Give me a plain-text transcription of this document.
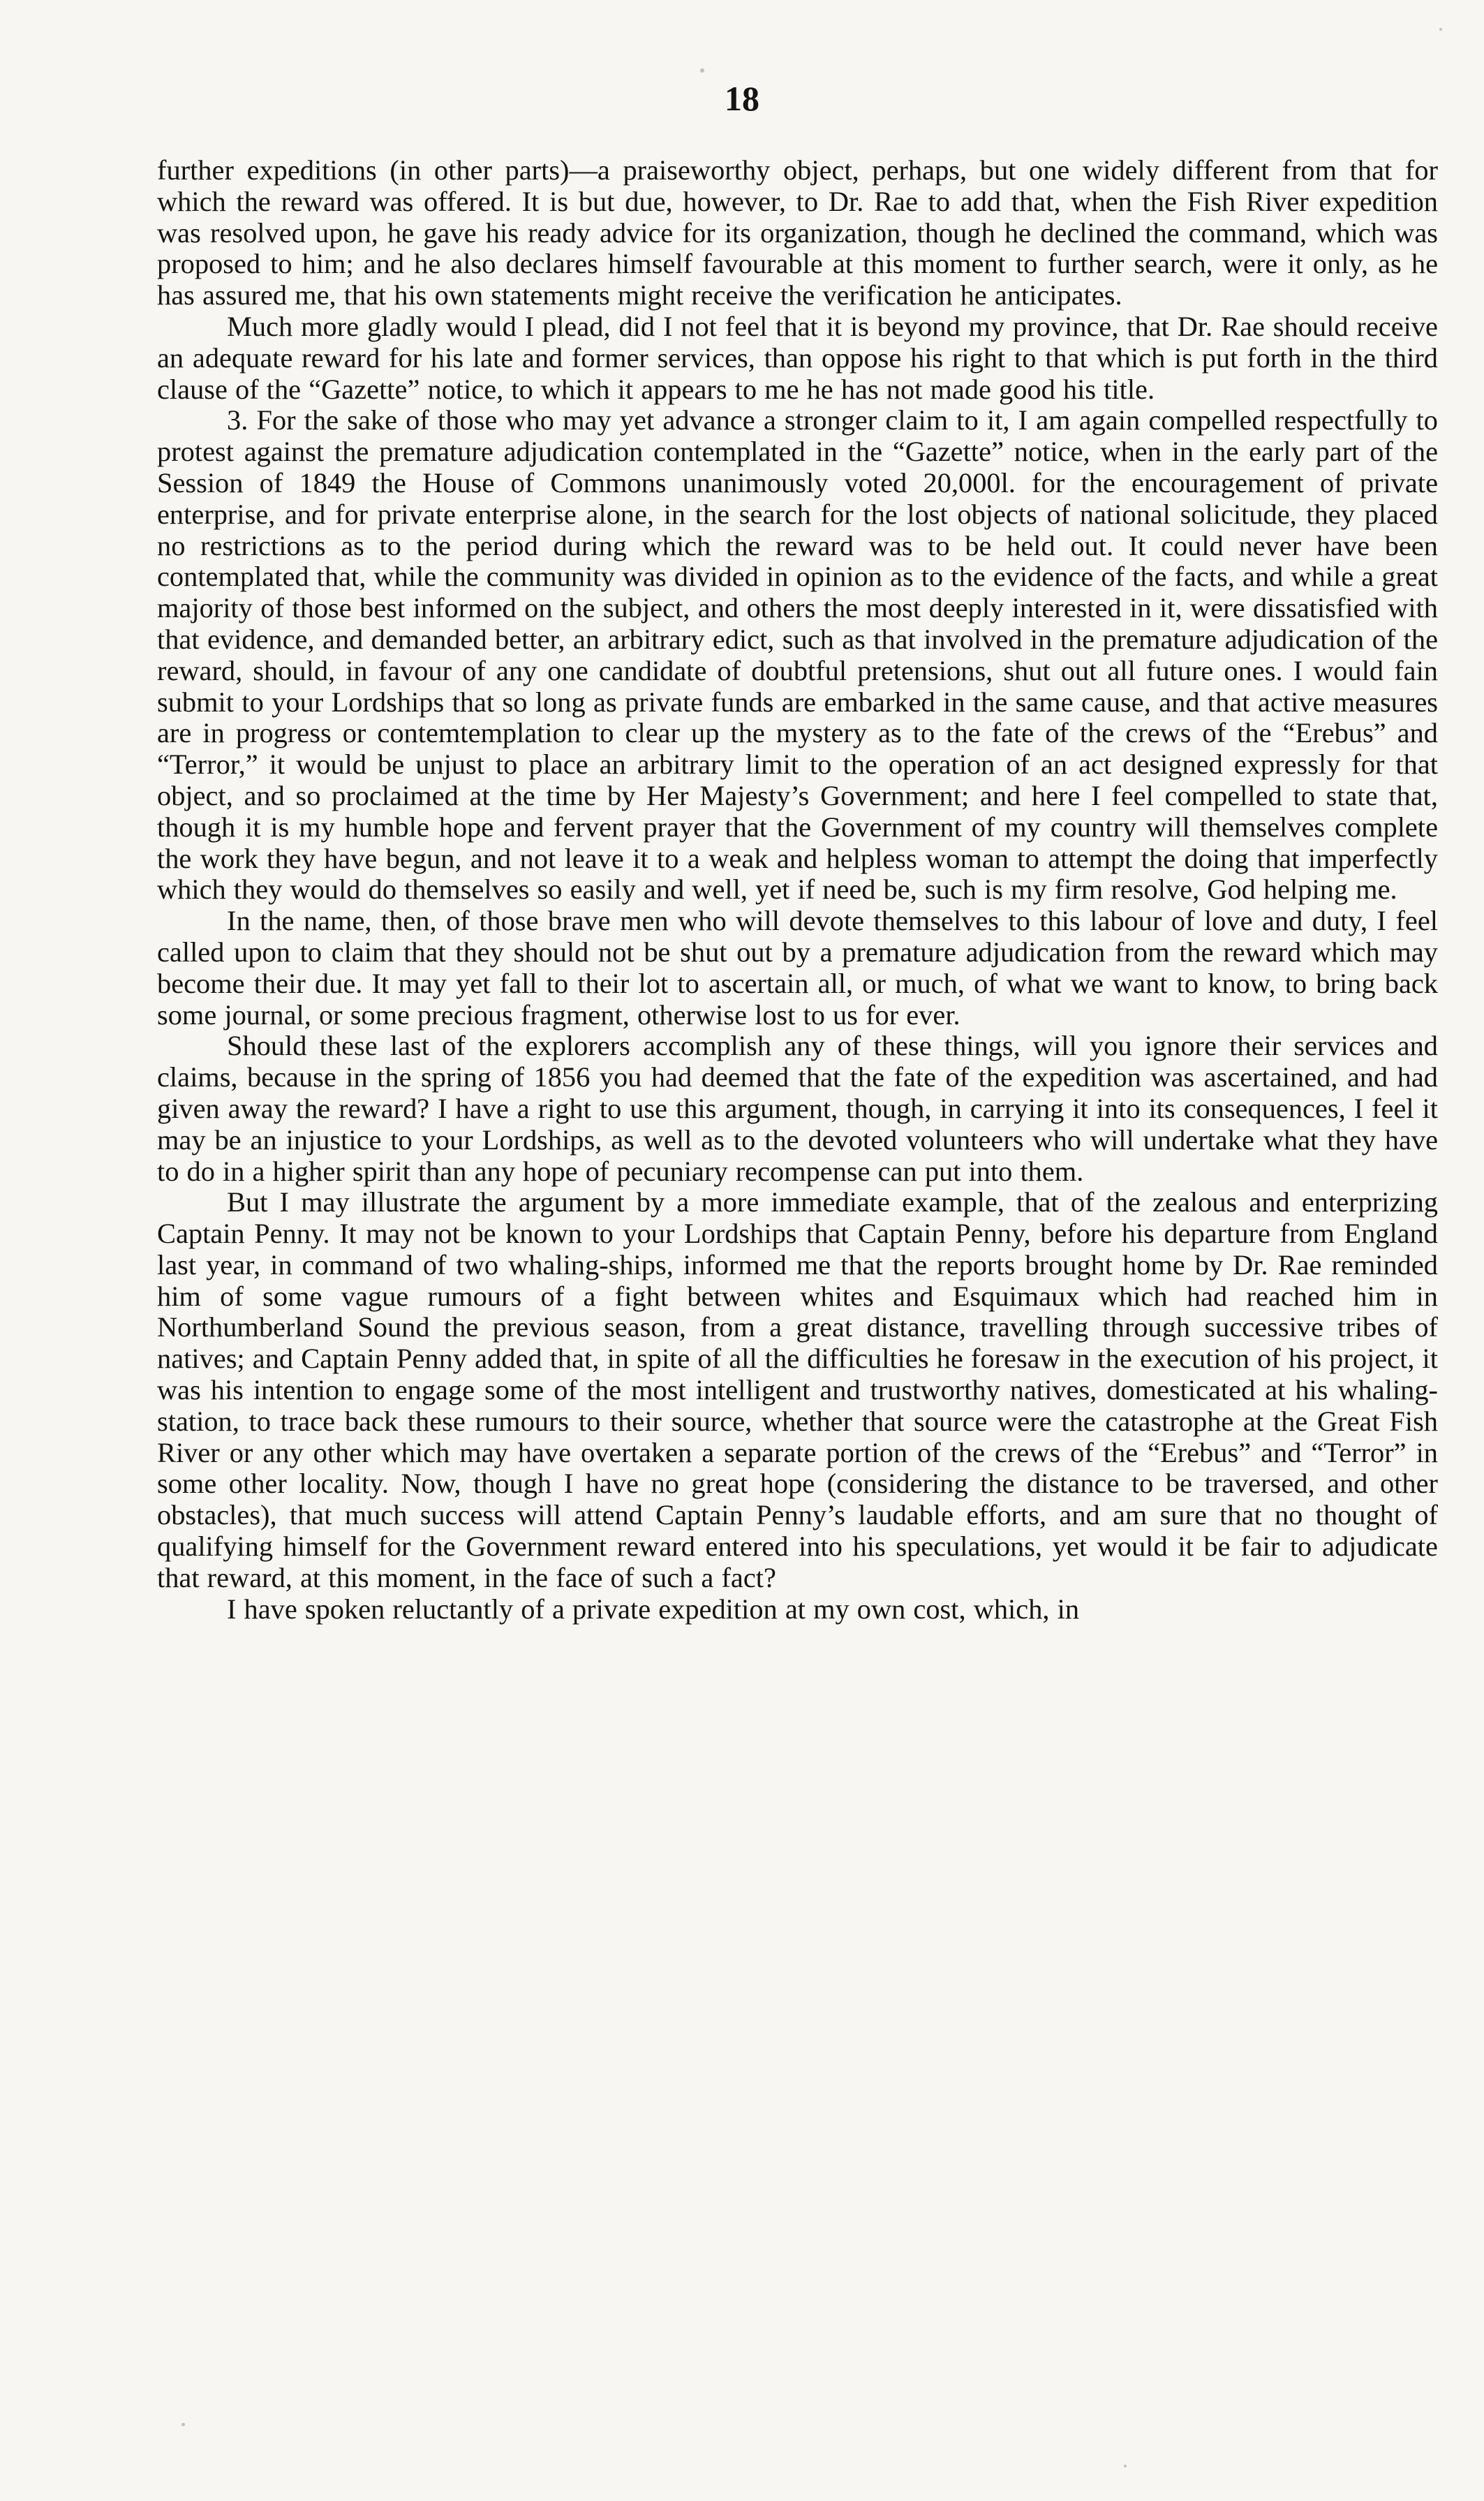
18

further expeditions (in other parts)—a praiseworthy object, perhaps, but one widely different from that for which the reward was offered. It is but due, however, to Dr. Rae to add that, when the Fish River expedition was resolved upon, he gave his ready advice for its organization, though he declined the command, which was proposed to him; and he also declares himself favourable at this moment to further search, were it only, as he has assured me, that his own statements might receive the verification he anticipates.

Much more gladly would I plead, did I not feel that it is beyond my province, that Dr. Rae should receive an adequate reward for his late and former services, than oppose his right to that which is put forth in the third clause of the “Gazette” notice, to which it appears to me he has not made good his title.

3. For the sake of those who may yet advance a stronger claim to it, I am again compelled respectfully to protest against the premature adjudication contemplated in the “Gazette” notice, when in the early part of the Session of 1849 the House of Commons unanimously voted 20,000l. for the encouragement of private enterprise, and for private enterprise alone, in the search for the lost objects of national solicitude, they placed no restrictions as to the period during which the reward was to be held out. It could never have been contemplated that, while the community was divided in opinion as to the evidence of the facts, and while a great majority of those best informed on the subject, and others the most deeply interested in it, were dissatisfied with that evidence, and demanded better, an arbitrary edict, such as that involved in the premature adjudication of the reward, should, in favour of any one candidate of doubtful pretensions, shut out all future ones. I would fain submit to your Lordships that so long as private funds are embarked in the same cause, and that active measures are in progress or contemtemplation to clear up the mystery as to the fate of the crews of the “Erebus” and “Terror,” it would be unjust to place an arbitrary limit to the operation of an act designed expressly for that object, and so proclaimed at the time by Her Majesty’s Government; and here I feel compelled to state that, though it is my humble hope and fervent prayer that the Government of my country will themselves complete the work they have begun, and not leave it to a weak and helpless woman to attempt the doing that imperfectly which they would do themselves so easily and well, yet if need be, such is my firm resolve, God helping me.

In the name, then, of those brave men who will devote themselves to this labour of love and duty, I feel called upon to claim that they should not be shut out by a premature adjudication from the reward which may become their due. It may yet fall to their lot to ascertain all, or much, of what we want to know, to bring back some journal, or some precious fragment, otherwise lost to us for ever.

Should these last of the explorers accomplish any of these things, will you ignore their services and claims, because in the spring of 1856 you had deemed that the fate of the expedition was ascertained, and had given away the reward? I have a right to use this argument, though, in carrying it into its consequences, I feel it may be an injustice to your Lordships, as well as to the devoted volunteers who will undertake what they have to do in a higher spirit than any hope of pecuniary recompense can put into them.

But I may illustrate the argument by a more immediate example, that of the zealous and enterprizing Captain Penny. It may not be known to your Lordships that Captain Penny, before his departure from England last year, in command of two whaling-ships, informed me that the reports brought home by Dr. Rae reminded him of some vague rumours of a fight between whites and Esquimaux which had reached him in Northumberland Sound the previous season, from a great distance, travelling through successive tribes of natives; and Captain Penny added that, in spite of all the difficulties he foresaw in the execution of his project, it was his intention to engage some of the most intelligent and trustworthy natives, domesticated at his whaling-station, to trace back these rumours to their source, whether that source were the catastrophe at the Great Fish River or any other which may have overtaken a separate portion of the crews of the “Erebus” and “Terror” in some other locality. Now, though I have no great hope (considering the distance to be traversed, and other obstacles), that much success will attend Captain Penny’s laudable efforts, and am sure that no thought of qualifying himself for the Government reward entered into his speculations, yet would it be fair to adjudicate that reward, at this moment, in the face of such a fact?

I have spoken reluctantly of a private expedition at my own cost, which, in
